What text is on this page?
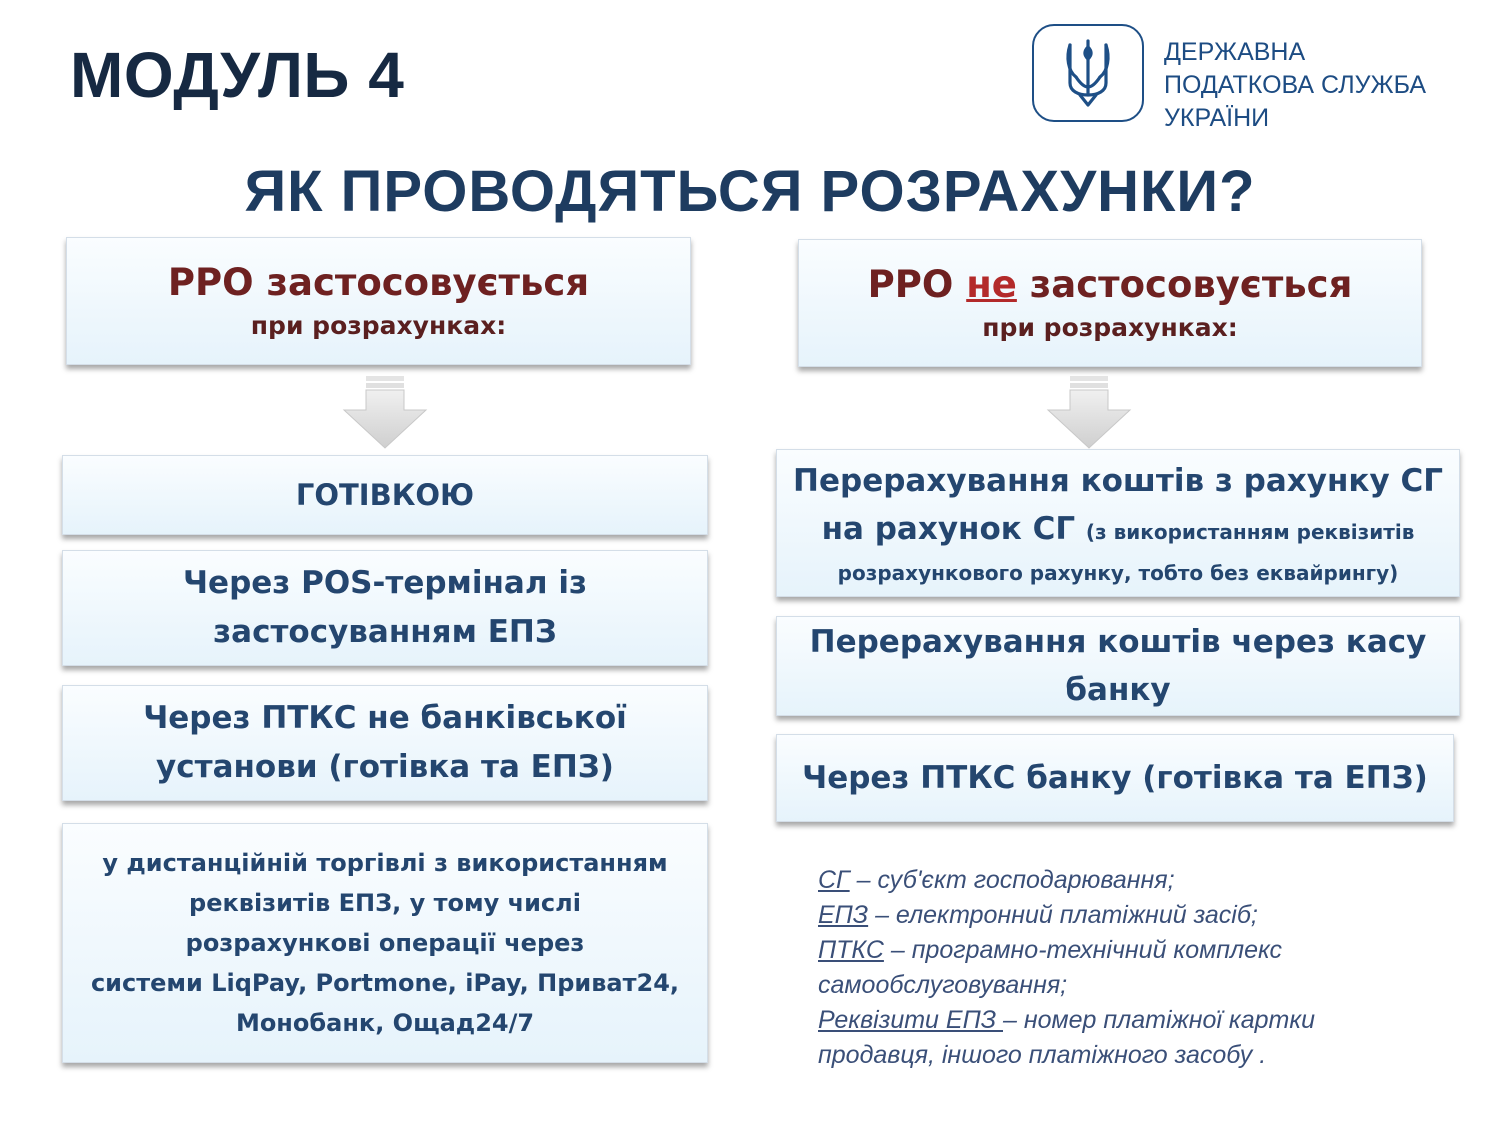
МОДУЛЬ 4	ДЕРЖАВНА
ПОДАТКОВА СЛУЖБА
УКРАЇНИ
ЯК ПРОВОДЯТЬСЯ РОЗРАХУНКИ?
РРО застосовується
при розрахунках:
РРО не застосовується
при розрахунках:
ГОТІВКОЮ
Через POS-термінал із
застосуванням ЕПЗ
Через ПТКС не банківської
установи (готівка та ЕПЗ)
у дистанційній торгівлі з використанням
реквізитів ЕПЗ, у тому числі
розрахункові операції через
системи LiqPay, Portmone, iPay, Приват24,
Монобанк, Ощад24/7
Перерахування коштів з рахунку СГ
на рахунок СГ (з використанням реквізитів
розрахункового рахунку, тобто без еквайрингу)
Перерахування коштів через касу
банку
Через ПТКС банку (готівка та ЕПЗ)
СГ – суб'єкт господарювання;
ЕПЗ – електронний платіжний засіб;
ПТКС – програмно-технічний комплекс
самообслуговування;
Реквізити ЕПЗ – номер платіжної картки
продавця, іншого платіжного засобу .
